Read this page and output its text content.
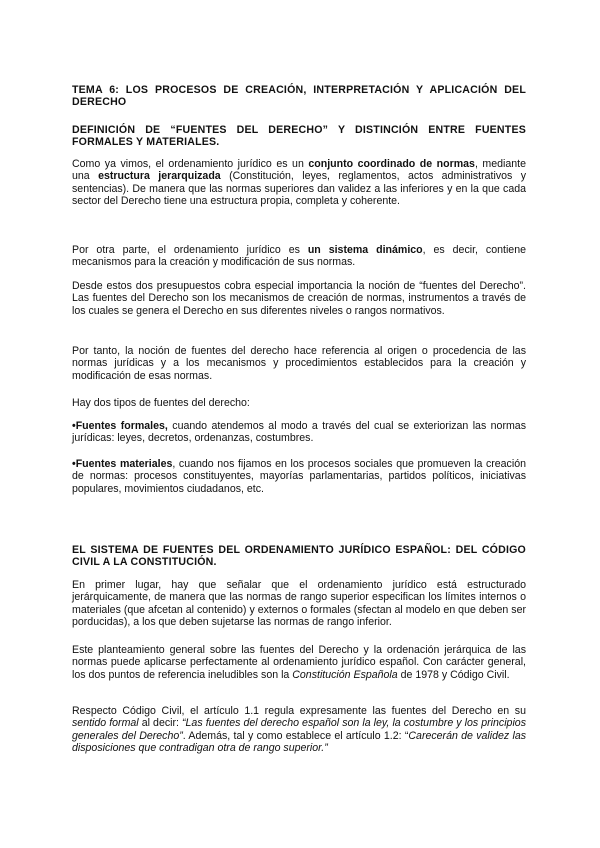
TEMA 6: LOS PROCESOS DE CREACIÓN, INTERPRETACIÓN Y APLICACIÓN DEL DERECHO

DEFINICIÓN DE “FUENTES DEL DERECHO” Y DISTINCIÓN ENTRE FUENTES FORMALES Y MATERIALES.

Como ya vimos, el ordenamiento jurídico es un conjunto coordinado de normas, mediante una estructura jerarquizada (Constitución, leyes, reglamentos, actos administrativos y sentencias). De manera que las normas superiores dan validez a las inferiores y en la que cada sector del Derecho tiene una estructura propia, completa y coherente.

Por otra parte, el ordenamiento jurídico es un sistema dinámico, es decir, contiene mecanismos para la creación y modificación de sus normas.

Desde estos dos presupuestos cobra especial importancia la noción de “fuentes del Derecho”. Las fuentes del Derecho son los mecanismos de creación de normas, instrumentos a través de los cuales se genera el Derecho en sus diferentes niveles o rangos normativos.

Por tanto, la noción de fuentes del derecho hace referencia al origen o procedencia de las normas jurídicas y a los mecanismos y procedimientos establecidos para la creación y modificación de esas normas.

Hay dos tipos de fuentes del derecho:

•Fuentes formales, cuando atendemos al modo a través del cual se exteriorizan las normas jurídicas: leyes, decretos, ordenanzas, costumbres.

•Fuentes materiales, cuando nos fijamos en los procesos sociales que promueven la creación de normas: procesos constituyentes, mayorías parlamentarias, partidos políticos, iniciativas populares, movimientos ciudadanos, etc.

EL SISTEMA DE FUENTES DEL ORDENAMIENTO JURÍDICO ESPAÑOL: DEL CÓDIGO CIVIL A LA CONSTITUCIÓN.

En primer lugar, hay que señalar que el ordenamiento jurídico está estructurado jerárquicamente, de manera que las normas de rango superior especifican los límites internos o materiales (que afcetan al contenido) y externos o formales (sfectan al modelo en que deben ser porducidas), a los que deben sujetarse las normas de rango inferior.

Este planteamiento general sobre las fuentes del Derecho y la ordenación jerárquica de las normas puede aplicarse perfectamente al ordenamiento jurídico español. Con carácter general, los dos puntos de referencia ineludibles son la Constitución Española de 1978 y Código Civil.

Respecto Código Civil, el artículo 1.1 regula expresamente las fuentes del Derecho en su sentido formal al decir: “Las fuentes del derecho español son la ley, la costumbre y los principios generales del Derecho”. Además, tal y como establece el artículo 1.2: “Carecerán de validez las disposiciones que contradigan otra de rango superior.”
